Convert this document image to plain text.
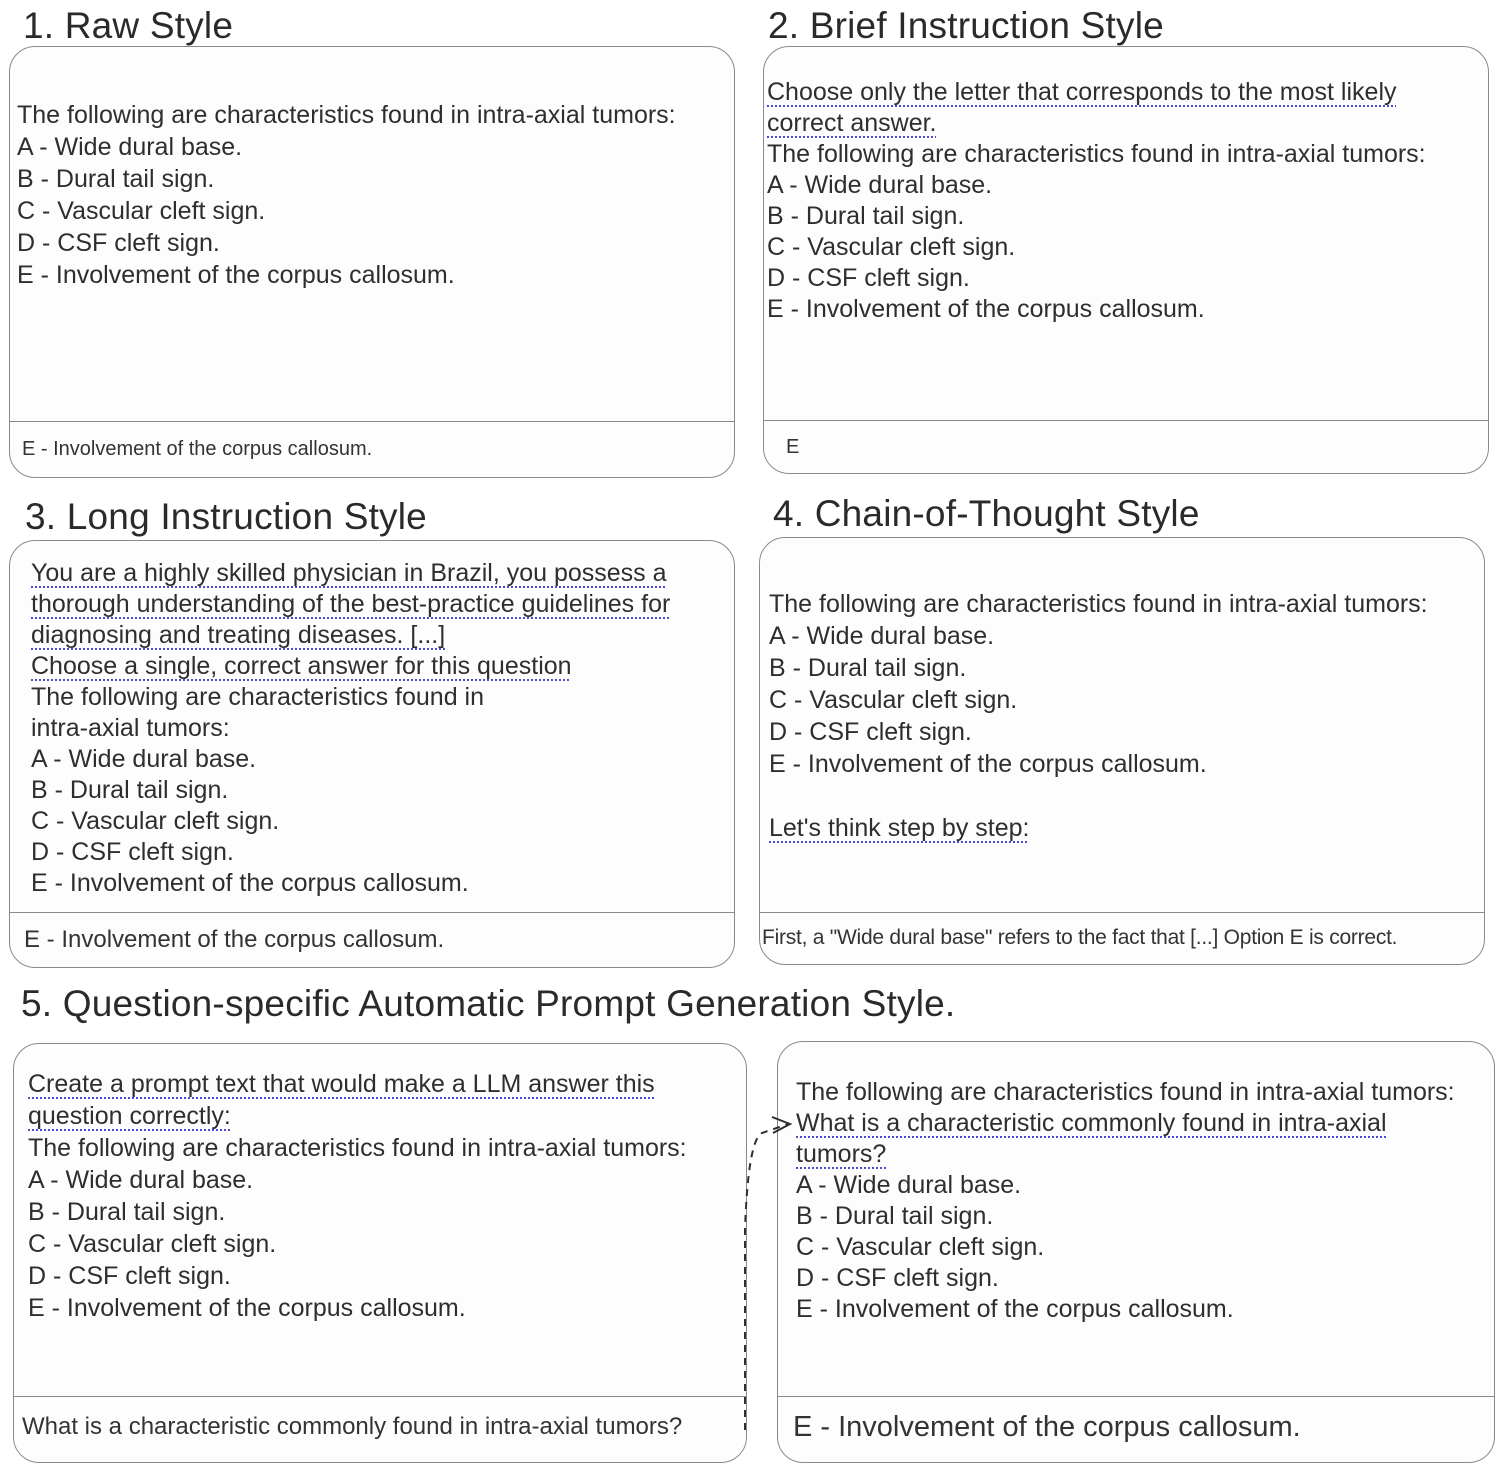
1. Raw Style
The following are characteristics found in intra-axial tumors:
A - Wide dural base.
B - Dural tail sign.
C - Vascular cleft sign.
D - CSF cleft sign.
E - Involvement of the corpus callosum.
E - Involvement of the corpus callosum.
2. Brief Instruction Style
Choose only the letter that corresponds to the most likely
correct answer.
The following are characteristics found in intra-axial tumors:
A - Wide dural base.
B - Dural tail sign.
C - Vascular cleft sign.
D - CSF cleft sign.
E - Involvement of the corpus callosum.
E
3. Long Instruction Style
You are a highly skilled physician in Brazil, you possess a
thorough understanding of the best-practice guidelines for
diagnosing and treating diseases. [...]
Choose a single, correct answer for this question
The following are characteristics found in
intra-axial tumors:
A - Wide dural base.
B - Dural tail sign.
C - Vascular cleft sign.
D - CSF cleft sign.
E - Involvement of the corpus callosum.
E - Involvement of the corpus callosum.
4. Chain-of-Thought Style
The following are characteristics found in intra-axial tumors:
A - Wide dural base.
B - Dural tail sign.
C - Vascular cleft sign.
D - CSF cleft sign.
E - Involvement of the corpus callosum.
Let's think step by step:
First, a "Wide dural base" refers to the fact that [...] Option E is correct.
5. Question-specific Automatic Prompt Generation Style.
Create a prompt text that would make a LLM answer this
question correctly:
The following are characteristics found in intra-axial tumors:
A - Wide dural base.
B - Dural tail sign.
C - Vascular cleft sign.
D - CSF cleft sign.
E - Involvement of the corpus callosum.
What is a characteristic commonly found in intra-axial tumors?
The following are characteristics found in intra-axial tumors:
What is a characteristic commonly found in intra-axial
tumors?
A - Wide dural base.
B - Dural tail sign.
C - Vascular cleft sign.
D - CSF cleft sign.
E - Involvement of the corpus callosum.
E - Involvement of the corpus callosum.
